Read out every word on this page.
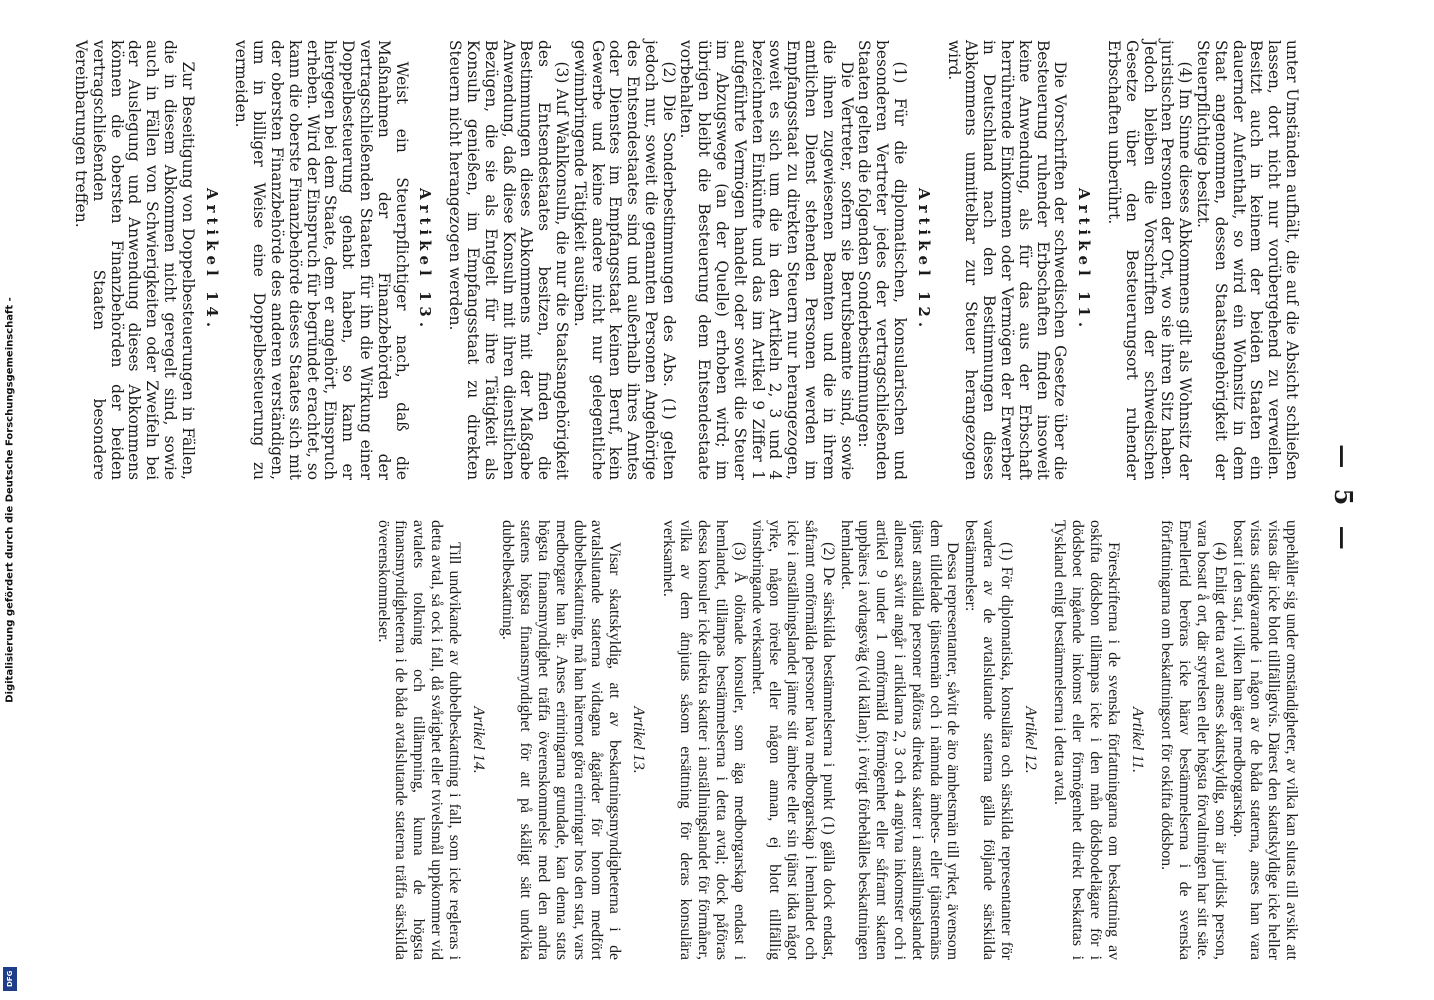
Digitalisierung gefördert durch die Deutsche Forschungsgemeinschaft -
DFG
— 5 —

unter Umständen aufhält, die auf die Absicht schließen lassen, dort nicht nur vorübergehend zu verweilen. Besitzt auch in keinem der beiden Staaten ein dauernder Aufenthalt, so wird ein Wohnsitz in dem Staat angenommen, dessen Staatsangehörigkeit der Steuerpflichtige besitzt.

(4) Im Sinne dieses Abkommens gilt als Wohnsitz der juristischen Personen der Ort, wo sie ihren Sitz haben. Jedoch bleiben die Vorschriften der schwedischen Gesetze über den Besteuerungsort ruhender Erbschaften unberührt.

Artikel 11.

Die Vorschriften der schwedischen Gesetze über die Besteuerung ruhender Erbschaften finden insoweit keine Anwendung, als für das aus der Erbschaft herrührende Einkommen oder Vermögen der Erwerber in Deutschland nach den Bestimmungen dieses Abkommens unmittelbar zur Steuer herangezogen wird.

Artikel 12.

(1) Für die diplomatischen, konsularischen und besonderen Vertreter jedes der vertragschließenden Staaten gelten die folgenden Sonderbestimmungen:

Die Vertreter, sofern sie Berufsbeamte sind, sowie die ihnen zugewiesenen Beamten und die in ihrem amtlichen Dienst stehenden Personen werden im Empfangsstaat zu direkten Steuern nur herangezogen, soweit es sich um die in den Artikeln 2, 3 und 4 bezeichneten Einkünfte und das im Artikel 9 Ziffer 1 aufgeführte Vermögen handelt oder soweit die Steuer im Abzugswege (an der Quelle) erhoben wird; im übrigen bleibt die Besteuerung dem Entsendestaate vorbehalten.

(2) Die Sonderbestimmungen des Abs. (1) gelten jedoch nur, soweit die genannten Personen Angehörige des Entsendestaates sind und außerhalb ihres Amtes oder Dienstes im Empfangsstaat keinen Beruf, kein Gewerbe und keine andere nicht nur gelegentliche gewinnbringende Tätigkeit ausüben.

(3) Auf Wahlkonsuln, die nur die Staatsangehörigkeit des Entsendestaates besitzen, finden die Bestimmungen dieses Abkommens mit der Maßgabe Anwendung, daß diese Konsuln mit ihren dienstlichen Bezügen, die sie als Entgelt für ihre Tätigkeit als Konsuln genießen, im Empfangsstaat zu direkten Steuern nicht herangezogen werden.

Artikel 13.

Weist ein Steuerpflichtiger nach, daß die Maßnahmen der Finanzbehörden der vertragschließenden Staaten für ihn die Wirkung einer Doppelbesteuerung gehabt haben, so kann er hiergegen bei dem Staate, dem er angehört, Einspruch erheben. Wird der Einspruch für begründet erachtet, so kann die oberste Finanzbehörde dieses Staates sich mit der obersten Finanzbehörde des anderen verständigen, um in billiger Weise eine Doppelbesteuerung zu vermeiden.

Artikel 14.

Zur Beseitigung von Doppelbesteuerungen in Fällen, die in diesem Abkommen nicht geregelt sind, sowie auch in Fällen von Schwierigkeiten oder Zweifeln bei der Auslegung und Anwendung dieses Abkommens können die obersten Finanzbehörden der beiden vertragschließenden Staaten besondere Vereinbarungen treffen.

uppehåller sig under omständigheter, av vilka kan slutas till avsikt att vistas där icke blott tillfälligtvis. Därest den skattskyldige icke heller vistas stadigvarande i någon av de båda staterna, anses han vara bosatt i den stat, i vilken han äger medborgarskap.

(4) Enligt detta avtal anses skattskyldig, som är juridisk person, vara bosatt å ort, där styrelsen eller högsta förvaltningen har sitt säte. Emellertid beröras icke härav bestämmelserna i de svenska författningarna om beskattningsort för oskifta dödsbon.

Artikel 11.

Föreskrifterna i de svenska författningarna om beskattning av oskifta dödsbon tillämpas icke i den mån dödsbodelägare för i dödsboet ingående inkomst eller förmögenhet direkt beskattas i Tyskland enligt bestämmelserna i detta avtal.

Artikel 12.

(1) För diplomatiska, konsulära och särskilda representanter för vardera av de avtalslutande staterna gälla följande särskilda bestämmelser:

Dessa representanter, såvitt de äro ämbetsmän till yrket, ävensom dem tilldelade tjänstemän och i nämnda ämbets- eller tjänstemäns tjänst anställda personer påföras direkta skatter i anställningslandet allenast såvitt angår i artiklarna 2, 3 och 4 angivna inkomster och i artikel 9 under 1 omförmäld förmögenhet eller såframt skatten uppbäres i avdragsväg (vid källan); i övrigt förbehålles beskattningen hemlandet.

(2) De särskilda bestämmelserna i punkt (1) gälla dock endast, såframt omförmälda personer hava medborgarskap i hemlandet och icke i anställningslandet jämte sitt ämbete eller sin tjänst idka något yrke, någon rörelse eller någon annan, ej blott tillfällig vinstbringande verksamhet.

(3) Å olönade konsuler, som äga medborgarskap endast i hemlandet, tillämpas bestämmelserna i detta avtal; dock påföras dessa konsuler icke direkta skatter i anställningslandet för förmåner, vilka av dem åtnjutas såsom ersättning för deras konsulära verksamhet.

Artikel 13.

Visar skattskyldig, att av beskattningsmyndigheterna i de avtalslutande staterna vidtagna åtgärder för honom medfört dubbelbeskattning, må han häremot göra erinringar hos den stat, vars medborgare han är. Anses erinringarna grundade, kan denna stats högsta finansmyndighet träffa överenskommelse med den andra statens högsta finansmyndighet för att på skäligt sätt undvika dubbelbeskattning.

Artikel 14.

Till undvikande av dubbelbeskattning i fall, som icke regleras i detta avtal, så ock i fall, då svårighet eller tvivelsmål uppkommer vid avtalets tolkning och tillämpning, kunna de högsta finansmyndigheterna i de båda avtalslutande staterna träffa särskilda överenskommelser.
